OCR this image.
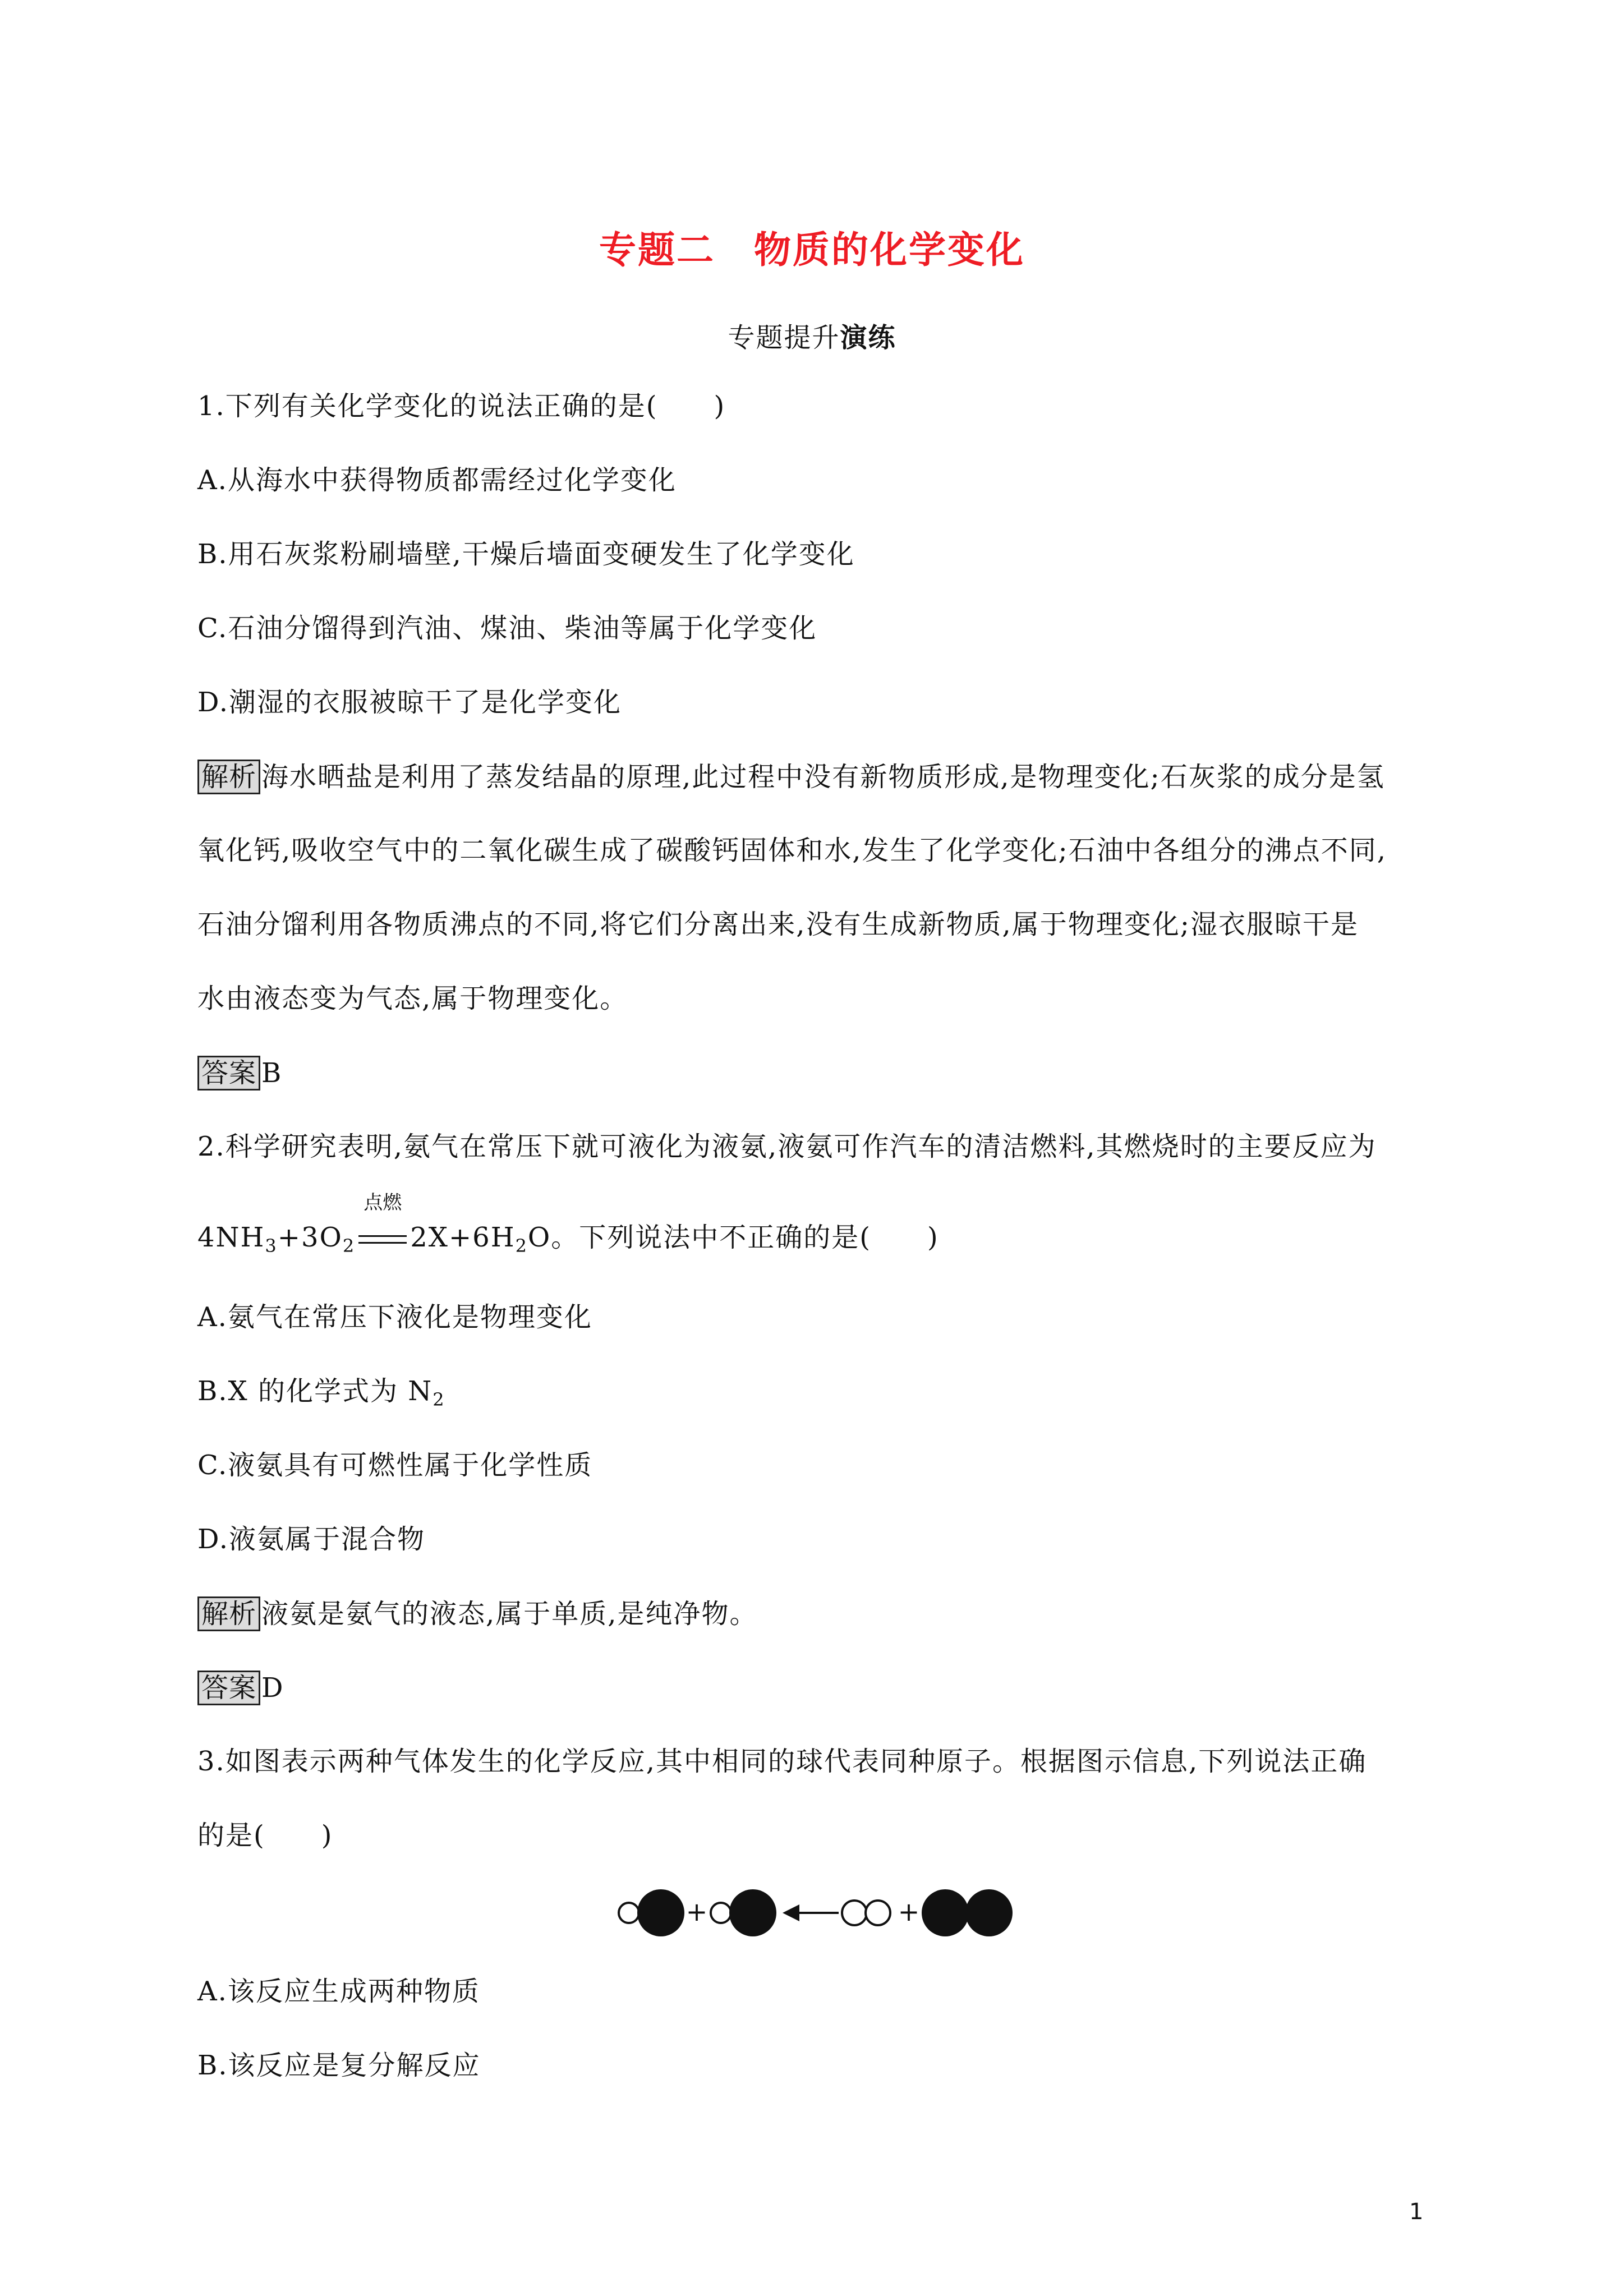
专题二　物质的化学变化
专题提升演练
1.下列有关化学变化的说法正确的是(　　)
A.从海水中获得物质都需经过化学变化
B.用石灰浆粉刷墙壁,干燥后墙面变硬发生了化学变化
C.石油分馏得到汽油、煤油、柴油等属于化学变化
D.潮湿的衣服被晾干了是化学变化
解析 海水晒盐是利用了蒸发结晶的原理,此过程中没有新物质形成,是物理变化;石灰浆的成分是氢
氧化钙,吸收空气中的二氧化碳生成了碳酸钙固体和水,发生了化学变化;石油中各组分的沸点不同,
石油分馏利用各物质沸点的不同,将它们分离出来,没有生成新物质,属于物理变化;湿衣服晾干是
水由液态变为气态,属于物理变化。
答案 B
2.科学研究表明,氨气在常压下就可液化为液氨,液氨可作汽车的清洁燃料,其燃烧时的主要反应为
$4NH_3+3O_2$
点燃
$2X+6H_2O$。下列说法中不正确的是(　　)
A.氨气在常压下液化是物理变化
B.X 的化学式为 $N_2$
C.液氨具有可燃性属于化学性质
D.液氨属于混合物
解析 液氨是氨气的液态,属于单质,是纯净物。
答案 D
3.如图表示两种气体发生的化学反应,其中相同的球代表同种原子。根据图示信息,下列说法正确
的是(　　)
+	+
A.该反应生成两种物质
B.该反应是复分解反应
1
